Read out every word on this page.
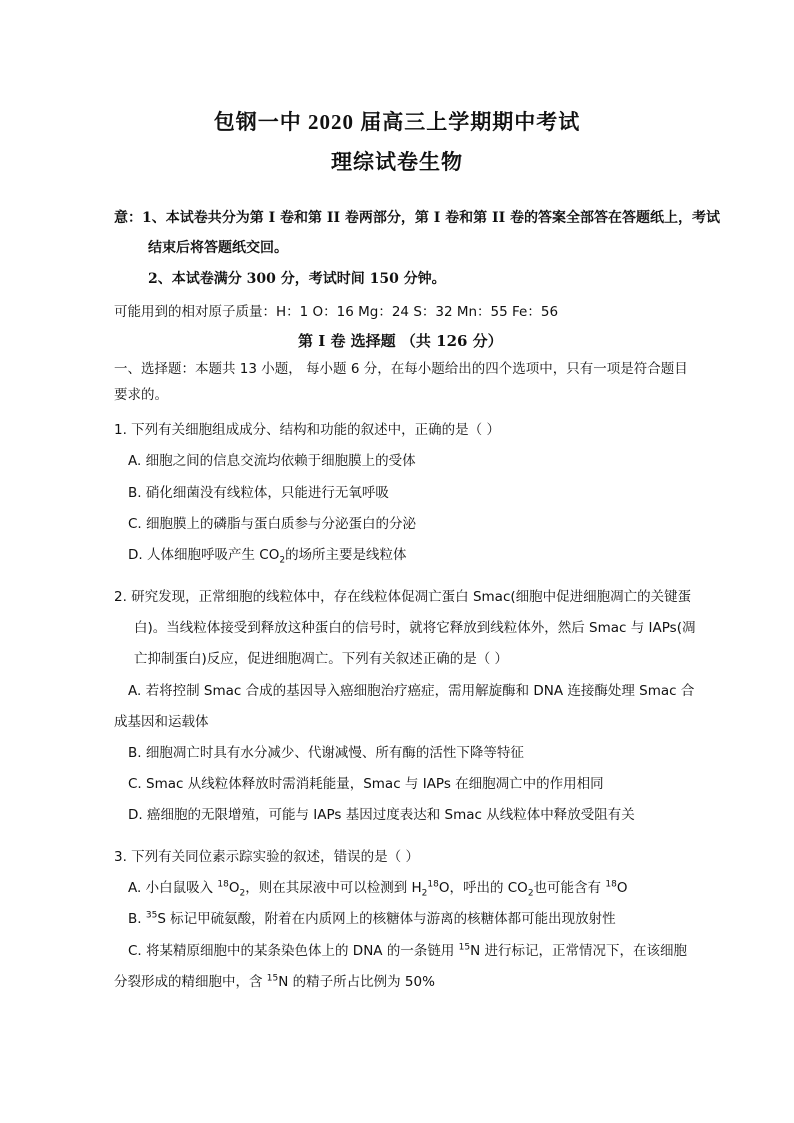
包钢一中 2020 届高三上学期期中考试
理综试卷生物
意：1、本试卷共分为第 I 卷和第 II 卷两部分，第 I 卷和第 II 卷的答案全部答在答题纸上，考试
结束后将答题纸交回。
2、本试卷满分 300 分，考试时间 150 分钟。
可能用到的相对原子质量：H：1 O：16 Mg：24 S：32 Mn：55 Fe：56
第 I 卷 选择题 （共 126 分）
一、选择题：本题共 13 小题， 每小题 6 分，在每小题给出的四个选项中，只有一项是符合题目
要求的。
1. 下列有关细胞组成成分、结构和功能的叙述中，正确的是（ ）
A. 细胞之间的信息交流均依赖于细胞膜上的受体
B. 硝化细菌没有线粒体，只能进行无氧呼吸
C. 细胞膜上的磷脂与蛋白质参与分泌蛋白的分泌
D. 人体细胞呼吸产生 $CO_2$的场所主要是线粒体
2. 研究发现，正常细胞的线粒体中，存在线粒体促凋亡蛋白 Smac(细胞中促进细胞凋亡的关键蛋
白)。当线粒体接受到释放这种蛋白的信号时，就将它释放到线粒体外，然后 Smac 与 IAPs(凋
亡抑制蛋白)反应，促进细胞凋亡。下列有关叙述正确的是（ ）
A. 若将控制 Smac 合成的基因导入癌细胞治疗癌症，需用解旋酶和 DNA 连接酶处理 Smac 合
成基因和运载体
B. 细胞凋亡时具有水分减少、代谢减慢、所有酶的活性下降等特征
C. Smac 从线粒体释放时需消耗能量，Smac 与 IAPs 在细胞凋亡中的作用相同
D. 癌细胞的无限增殖，可能与 IAPs 基因过度表达和 Smac 从线粒体中释放受阻有关
3. 下列有关同位素示踪实验的叙述，错误的是（ ）
A. 小白鼠吸入 $^{18}O_2$，则在其尿液中可以检测到 $H_2^{18}O$，呼出的 $CO_2$也可能含有 $^{18}$O
B. $^{35}$S 标记甲硫氨酸，附着在内质网上的核糖体与游离的核糖体都可能出现放射性
C. 将某精原细胞中的某条染色体上的 DNA 的一条链用 $^{15}$N 进行标记，正常情况下，在该细胞
分裂形成的精细胞中，含 $^{15}$N 的精子所占比例为 50%
